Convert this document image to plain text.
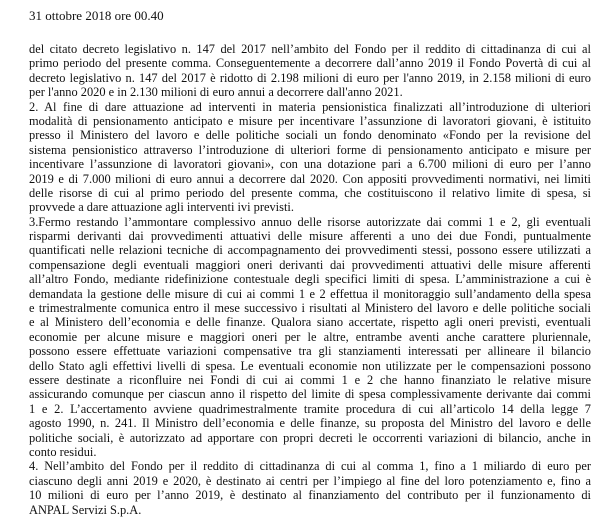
31 ottobre 2018 ore 00.40
del citato decreto legislativo n. 147 del 2017 nell’ambito del Fondo per il reddito di cittadinanza di cui al
primo periodo del presente comma. Conseguentemente a decorrere dall’anno 2019 il Fondo Povertà di cui al
decreto legislativo n. 147 del 2017 è ridotto di 2.198 milioni di euro per l'anno 2019, in 2.158 milioni di euro
per l'anno 2020 e in 2.130 milioni di euro annui a decorrere dall'anno 2021.
2. Al fine di dare attuazione ad interventi in materia pensionistica finalizzati all’introduzione di ulteriori
modalità di pensionamento anticipato e misure per incentivare l’assunzione di lavoratori giovani, è istituito
presso il Ministero del lavoro e delle politiche sociali un fondo denominato «Fondo per la revisione del
sistema pensionistico attraverso l’introduzione di ulteriori forme di pensionamento anticipato e misure per
incentivare l’assunzione di lavoratori giovani», con una dotazione pari a 6.700 milioni di euro per l’anno
2019 e di 7.000 milioni di euro annui a decorrere dal 2020. Con appositi provvedimenti normativi, nei limiti
delle risorse di cui al primo periodo del presente comma, che costituiscono il relativo limite di spesa, si
provvede a dare attuazione agli interventi ivi previsti.
3.Fermo restando l’ammontare complessivo annuo delle risorse autorizzate dai commi 1 e 2, gli eventuali
risparmi derivanti dai provvedimenti attuativi delle misure afferenti a uno dei due Fondi, puntualmente
quantificati nelle relazioni tecniche di accompagnamento dei provvedimenti stessi, possono essere utilizzati a
compensazione degli eventuali maggiori oneri derivanti dai provvedimenti attuativi delle misure afferenti
all’altro Fondo, mediante ridefinizione contestuale degli specifici limiti di spesa. L’amministrazione a cui è
demandata la gestione delle misure di cui ai commi 1 e 2 effettua il monitoraggio sull’andamento della spesa
e trimestralmente comunica entro il mese successivo i risultati al Ministero del lavoro e delle politiche sociali
e al Ministero dell’economia e delle finanze. Qualora siano accertate, rispetto agli oneri previsti, eventuali
economie per alcune misure e maggiori oneri per le altre, entrambe aventi anche carattere pluriennale,
possono essere effettuate variazioni compensative tra gli stanziamenti interessati per allineare il bilancio
dello Stato agli effettivi livelli di spesa. Le eventuali economie non utilizzate per le compensazioni possono
essere destinate a riconfluire nei Fondi di cui ai commi 1 e 2 che hanno finanziato le relative misure
assicurando comunque per ciascun anno il rispetto del limite di spesa complessivamente derivante dai commi
1 e 2. L’accertamento avviene quadrimestralmente tramite procedura di cui all’articolo 14 della legge 7
agosto 1990, n. 241. Il Ministro dell’economia e delle finanze, su proposta del Ministro del lavoro e delle
politiche sociali, è autorizzato ad apportare con propri decreti le occorrenti variazioni di bilancio, anche in
conto residui.
4. Nell’ambito del Fondo per il reddito di cittadinanza di cui al comma 1, fino a 1 miliardo di euro per
ciascuno degli anni 2019 e 2020, è destinato ai centri per l’impiego al fine del loro potenziamento e, fino a
10 milioni di euro per l’anno 2019, è destinato al finanziamento del contributo per il funzionamento di
ANPAL Servizi S.p.A.
